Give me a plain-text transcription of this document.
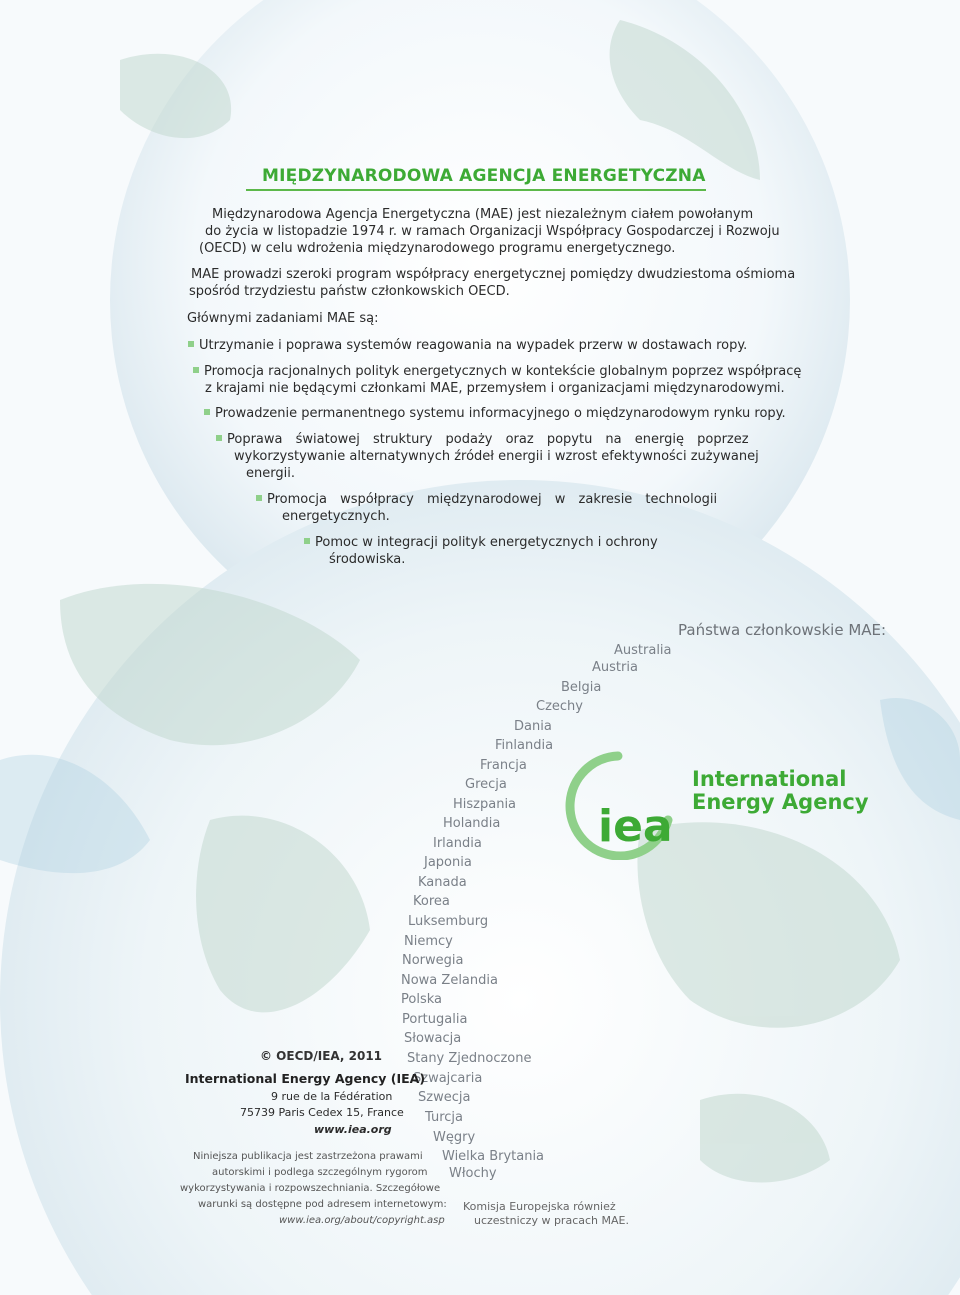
MIĘDZYNARODOWA AGENCJA ENERGETYCZNA
Międzynarodowa Agencja Energetyczna (MAE) jest niezależnym ciałem powołanym
do życia w listopadzie 1974 r. w ramach Organizacji Współpracy Gospodarczej i Rozwoju
(OECD) w celu wdrożenia międzynarodowego programu energetycznego.
MAE prowadzi szeroki program współpracy energetycznej pomiędzy dwudziestoma ośmioma
spośród trzydziestu państw członkowskich OECD.
Głównymi zadaniami MAE są:
Utrzymanie i poprawa systemów reagowania na wypadek przerw w dostawach ropy.
Promocja racjonalnych polityk energetycznych w kontekście globalnym poprzez współpracę
z krajami nie będącymi członkami MAE, przemysłem i organizacjami międzynarodowymi.
Prowadzenie permanentnego systemu informacyjnego o międzynarodowym rynku ropy.
Poprawa światowej struktury podaży oraz popytu na energię poprzez
wykorzystywanie alternatywnych źródeł energii i wzrost efektywności zużywanej
energii.
Promocja współpracy międzynarodowej w zakresie technologii
energetycznych.
Pomoc w integracji polityk energetycznych i ochrony
środowiska.
Państwa członkowskie MAE:
Australia
Austria
Belgia
Czechy
Dania
Finlandia
Francja
Grecja
Hiszpania
Holandia
Irlandia
Japonia
Kanada
Korea
Luksemburg
Niemcy
Norwegia
Nowa Zelandia
Polska
Portugalia
Słowacja
Stany Zjednoczone
Szwajcaria
Szwecja
Turcja
Węgry
Wielka Brytania
Włochy
Komisja Europejska również
uczestniczy w pracach MAE.
iea
International
Energy Agency
© OECD/IEA, 2011
International Energy Agency (IEA)
9 rue de la Fédération
75739 Paris Cedex 15, France
www.iea.org
Niniejsza publikacja jest zastrzeżona prawami
autorskimi i podlega szczególnym rygorom
wykorzystywania i rozpowszechniania. Szczegółowe
warunki są dostępne pod adresem internetowym:
www.iea.org/about/copyright.asp
